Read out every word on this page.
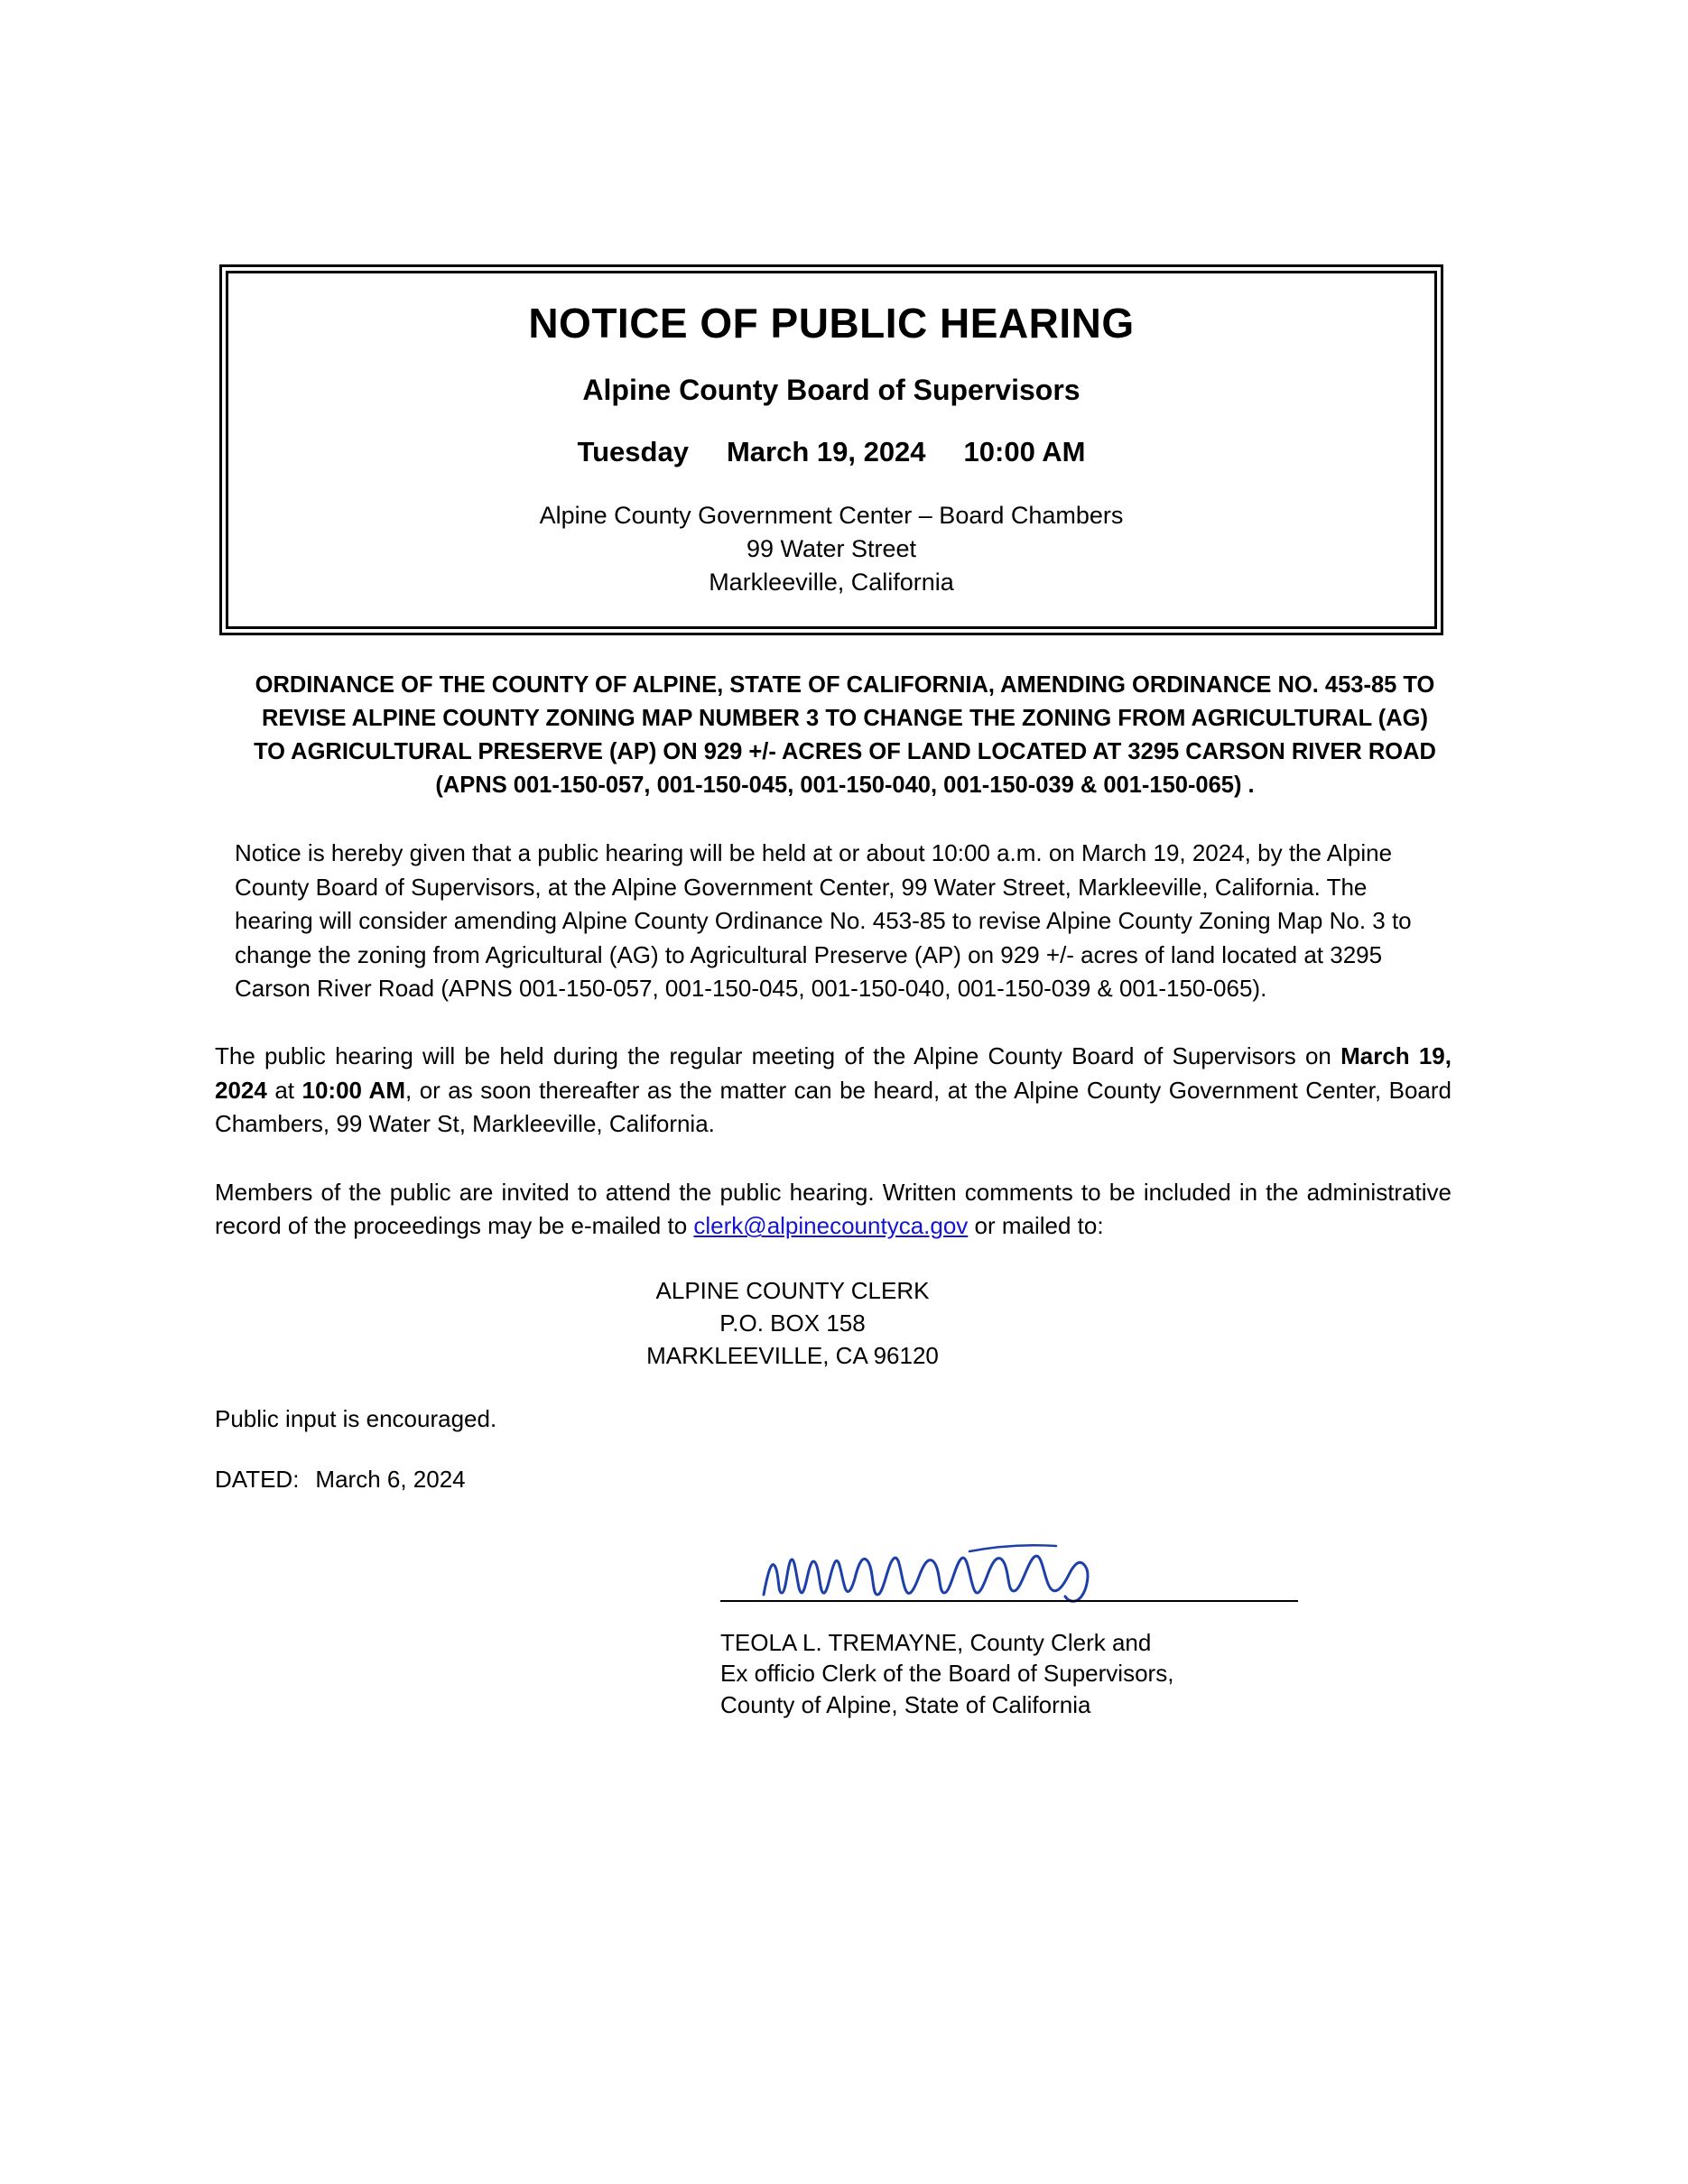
NOTICE OF PUBLIC HEARING
Alpine County Board of Supervisors
Tuesday March 19, 2024 10:00 AM
Alpine County Government Center – Board Chambers
99 Water Street
Markleeville, California
ORDINANCE OF THE COUNTY OF ALPINE, STATE OF CALIFORNIA, AMENDING ORDINANCE NO. 453-85 TO REVISE ALPINE COUNTY ZONING MAP NUMBER 3 TO CHANGE THE ZONING FROM AGRICULTURAL (AG) TO AGRICULTURAL PRESERVE (AP) ON 929 +/- ACRES OF LAND LOCATED AT 3295 CARSON RIVER ROAD (APNS 001-150-057, 001-150-045, 001-150-040, 001-150-039 & 001-150-065) .
Notice is hereby given that a public hearing will be held at or about 10:00 a.m. on March 19, 2024, by the Alpine County Board of Supervisors, at the Alpine Government Center, 99 Water Street, Markleeville, California. The hearing will consider amending Alpine County Ordinance No. 453-85 to revise Alpine County Zoning Map No. 3 to change the zoning from Agricultural (AG) to Agricultural Preserve (AP) on 929 +/- acres of land located at 3295 Carson River Road (APNS 001-150-057, 001-150-045, 001-150-040, 001-150-039 & 001-150-065).
The public hearing will be held during the regular meeting of the Alpine County Board of Supervisors on March 19, 2024 at 10:00 AM, or as soon thereafter as the matter can be heard, at the Alpine County Government Center, Board Chambers, 99 Water St, Markleeville, California.
Members of the public are invited to attend the public hearing. Written comments to be included in the administrative record of the proceedings may be e-mailed to clerk@alpinecountyca.gov or mailed to:
ALPINE COUNTY CLERK
P.O. BOX 158
MARKLEEVILLE, CA 96120
Public input is encouraged.
DATED: March 6, 2024
TEOLA L. TREMAYNE, County Clerk and
Ex officio Clerk of the Board of Supervisors,
County of Alpine, State of California
